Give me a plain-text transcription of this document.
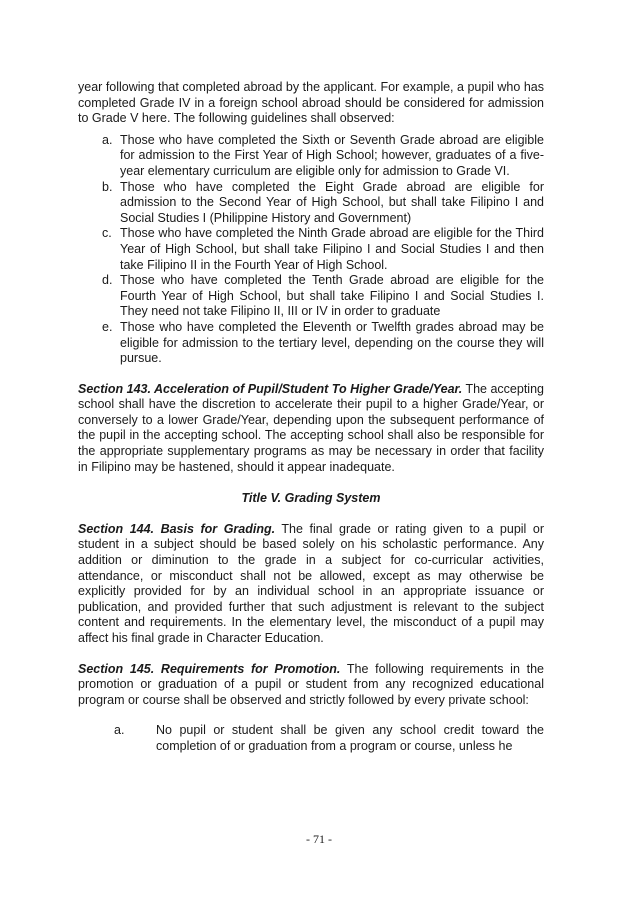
year following that completed abroad by the applicant. For example, a pupil who has completed Grade IV in a foreign school abroad should be considered for admission to Grade V here. The following guidelines shall observed:

a. Those who have completed the Sixth or Seventh Grade abroad are eligible for admission to the First Year of High School; however, graduates of a five-year elementary curriculum are eligible only for admission to Grade VI.
b. Those who have completed the Eight Grade abroad are eligible for admission to the Second Year of High School, but shall take Filipino I and Social Studies I (Philippine History and Government)
c. Those who have completed the Ninth Grade abroad are eligible for the Third Year of High School, but shall take Filipino I and Social Studies I and then take Filipino II in the Fourth Year of High School.
d. Those who have completed the Tenth Grade abroad are eligible for the Fourth Year of High School, but shall take Filipino I and Social Studies I. They need not take Filipino II, III or IV in order to graduate
e. Those who have completed the Eleventh or Twelfth grades abroad may be eligible for admission to the tertiary level, depending on the course they will pursue.

Section 143. Acceleration of Pupil/Student To Higher Grade/Year. The accepting school shall have the discretion to accelerate their pupil to a higher Grade/Year, or conversely to a lower Grade/Year, depending upon the subsequent performance of the pupil in the accepting school. The accepting school shall also be responsible for the appropriate supplementary programs as may be necessary in order that facility in Filipino may be hastened, should it appear inadequate.

Title V. Grading System

Section 144. Basis for Grading. The final grade or rating given to a pupil or student in a subject should be based solely on his scholastic performance. Any addition or diminution to the grade in a subject for co-curricular activities, attendance, or misconduct shall not be allowed, except as may otherwise be explicitly provided for by an individual school in an appropriate issuance or publication, and provided further that such adjustment is relevant to the subject content and requirements. In the elementary level, the misconduct of a pupil may affect his final grade in Character Education.

Section 145. Requirements for Promotion. The following requirements in the promotion or graduation of a pupil or student from any recognized educational program or course shall be observed and strictly followed by every private school:

a.	No pupil or student shall be given any school credit toward the completion of or graduation from a program or course, unless he
- 71 -
